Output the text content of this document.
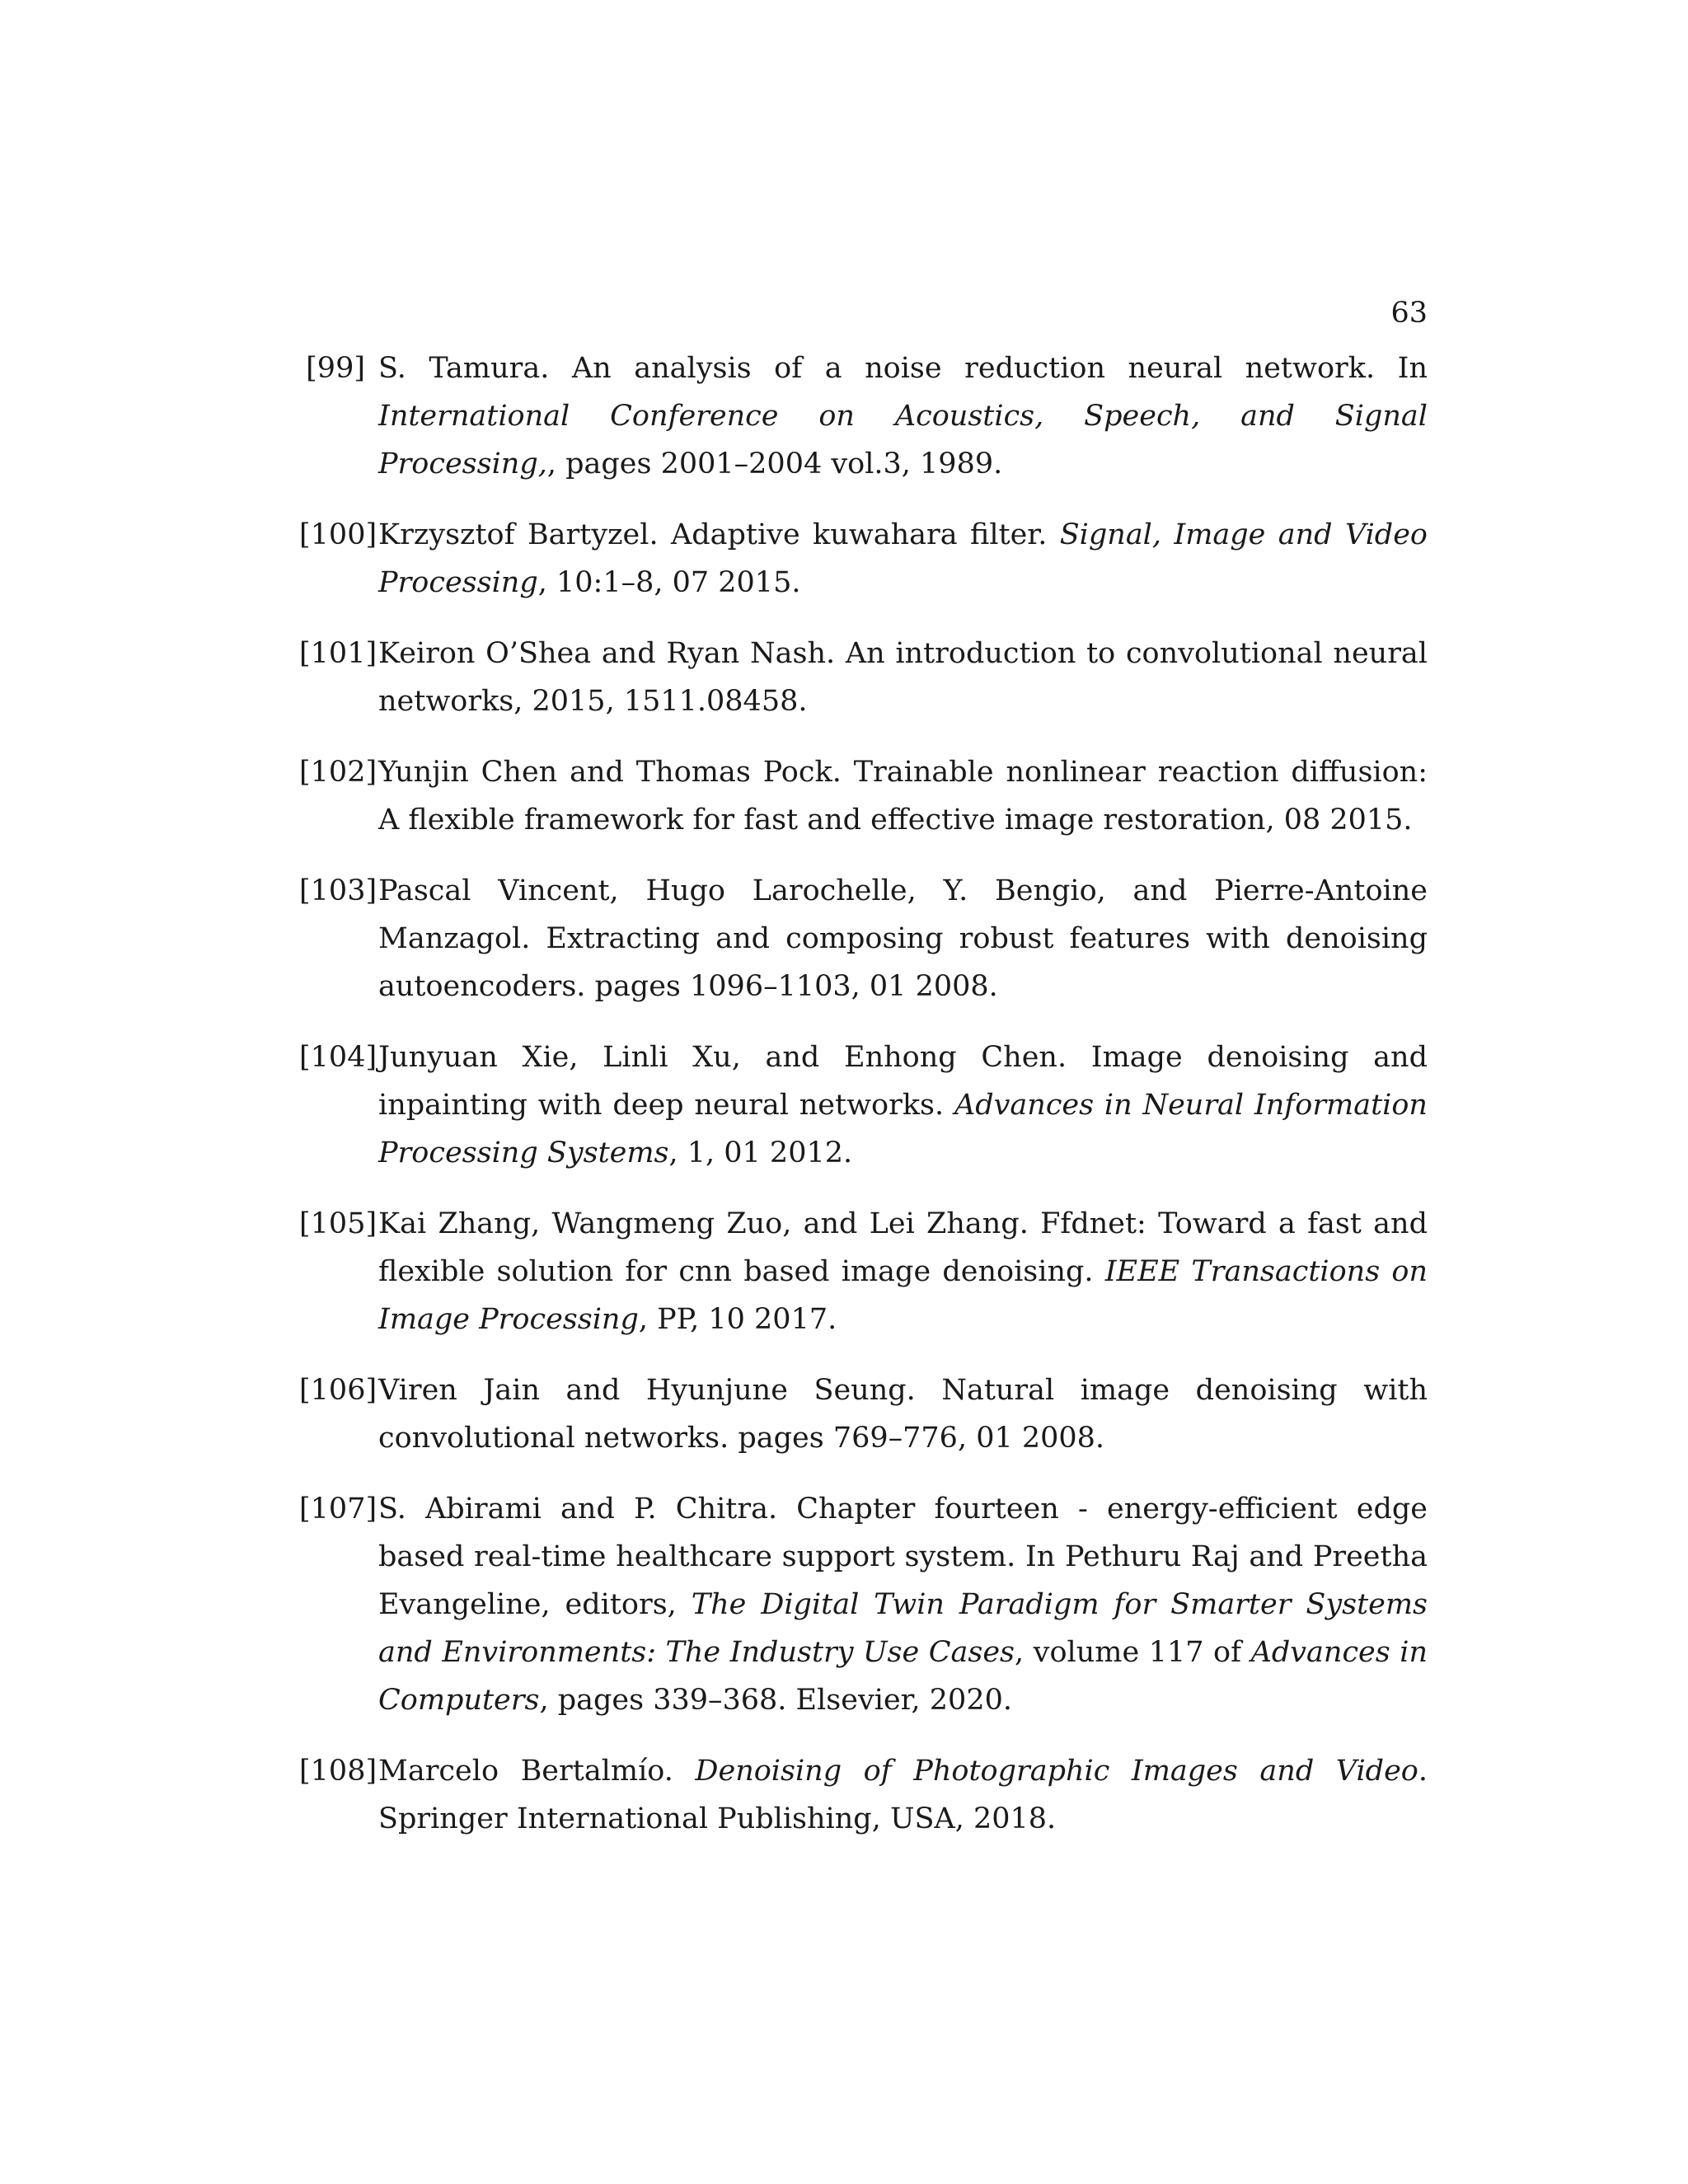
63
[99] S. Tamura. An analysis of a noise reduction neural network. In International Conference on Acoustics, Speech, and Signal Processing,, pages 2001–2004 vol.3, 1989.
[100] Krzysztof Bartyzel. Adaptive kuwahara filter. Signal, Image and Video Processing, 10:1–8, 07 2015.
[101] Keiron O’Shea and Ryan Nash. An introduction to convolutional neural networks, 2015, 1511.08458.
[102] Yunjin Chen and Thomas Pock. Trainable nonlinear reaction diffusion: A flexible framework for fast and effective image restoration, 08 2015.
[103] Pascal Vincent, Hugo Larochelle, Y. Bengio, and Pierre-Antoine Manzagol. Extracting and composing robust features with denoising autoencoders. pages 1096–1103, 01 2008.
[104] Junyuan Xie, Linli Xu, and Enhong Chen. Image denoising and inpainting with deep neural networks. Advances in Neural Information Processing Systems, 1, 01 2012.
[105] Kai Zhang, Wangmeng Zuo, and Lei Zhang. Ffdnet: Toward a fast and flexible solution for cnn based image denoising. IEEE Transactions on Image Processing, PP, 10 2017.
[106] Viren Jain and Hyunjune Seung. Natural image denoising with convolutional networks. pages 769–776, 01 2008.
[107] S. Abirami and P. Chitra. Chapter fourteen - energy-efficient edge based real-time healthcare support system. In Pethuru Raj and Preetha Evangeline, editors, The Digital Twin Paradigm for Smarter Systems and Environments: The Industry Use Cases, volume 117 of Advances in Computers, pages 339–368. Elsevier, 2020.
[108] Marcelo Bertalmío. Denoising of Photographic Images and Video. Springer International Publishing, USA, 2018.
